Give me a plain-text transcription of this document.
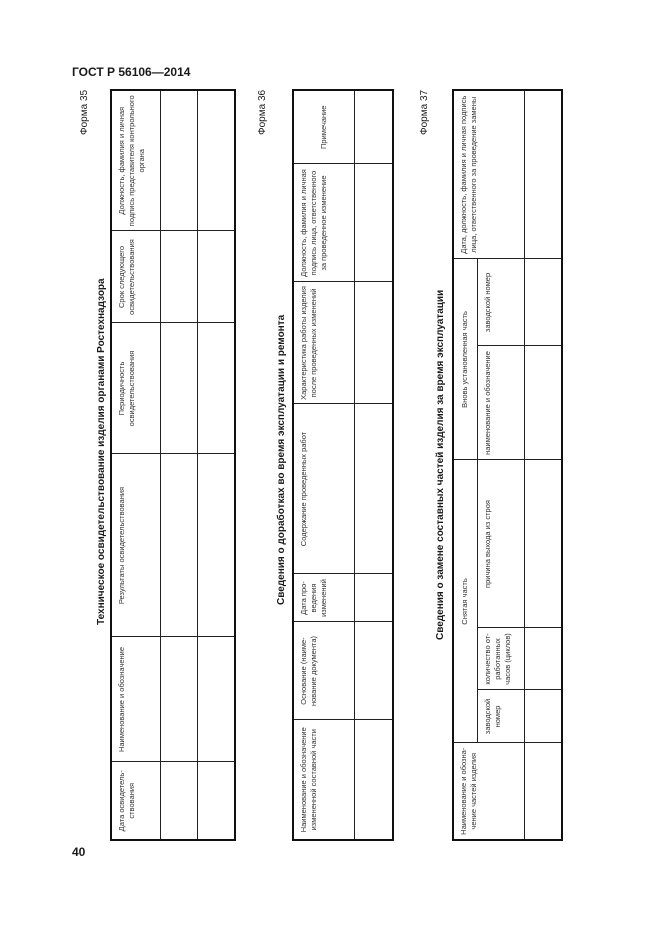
ГОСТ Р 56106—2014
40
Форма 35
Техническое освидетельствование изделия органами Ростехнадзора
Дата освидетельствования	Наименование и обозначение	Результаты освидетельствования	Периодичность освидетельствования	Срок следующего освидетельствования	Должность, фамилия и личная подпись представителя контрольного органа

Форма 36
Сведения о доработках во время эксплуатации и ремонта
Наименование и обозначение измененной составной части	Основание (наименование документа)	Дата проведения изменений	Содержание проведенных работ	Характеристика работы изделия после проведенных изменений	Должность, фамилия и личная подпись лица, ответственного за проведенное изменение	Примечание
							Форма 37
Сведения о замене составных частей изделия за время эксплуатации
Наименование и обозначение частей изделия	Снятая часть			Вновь установленная часть		Дата, должность, фамилия и личная подпись лица, ответственного за проведение замены
	заводской номер	количество отработанных часов (циклов)	причина выхода из строя	наименование и обозначение	заводской номер	
